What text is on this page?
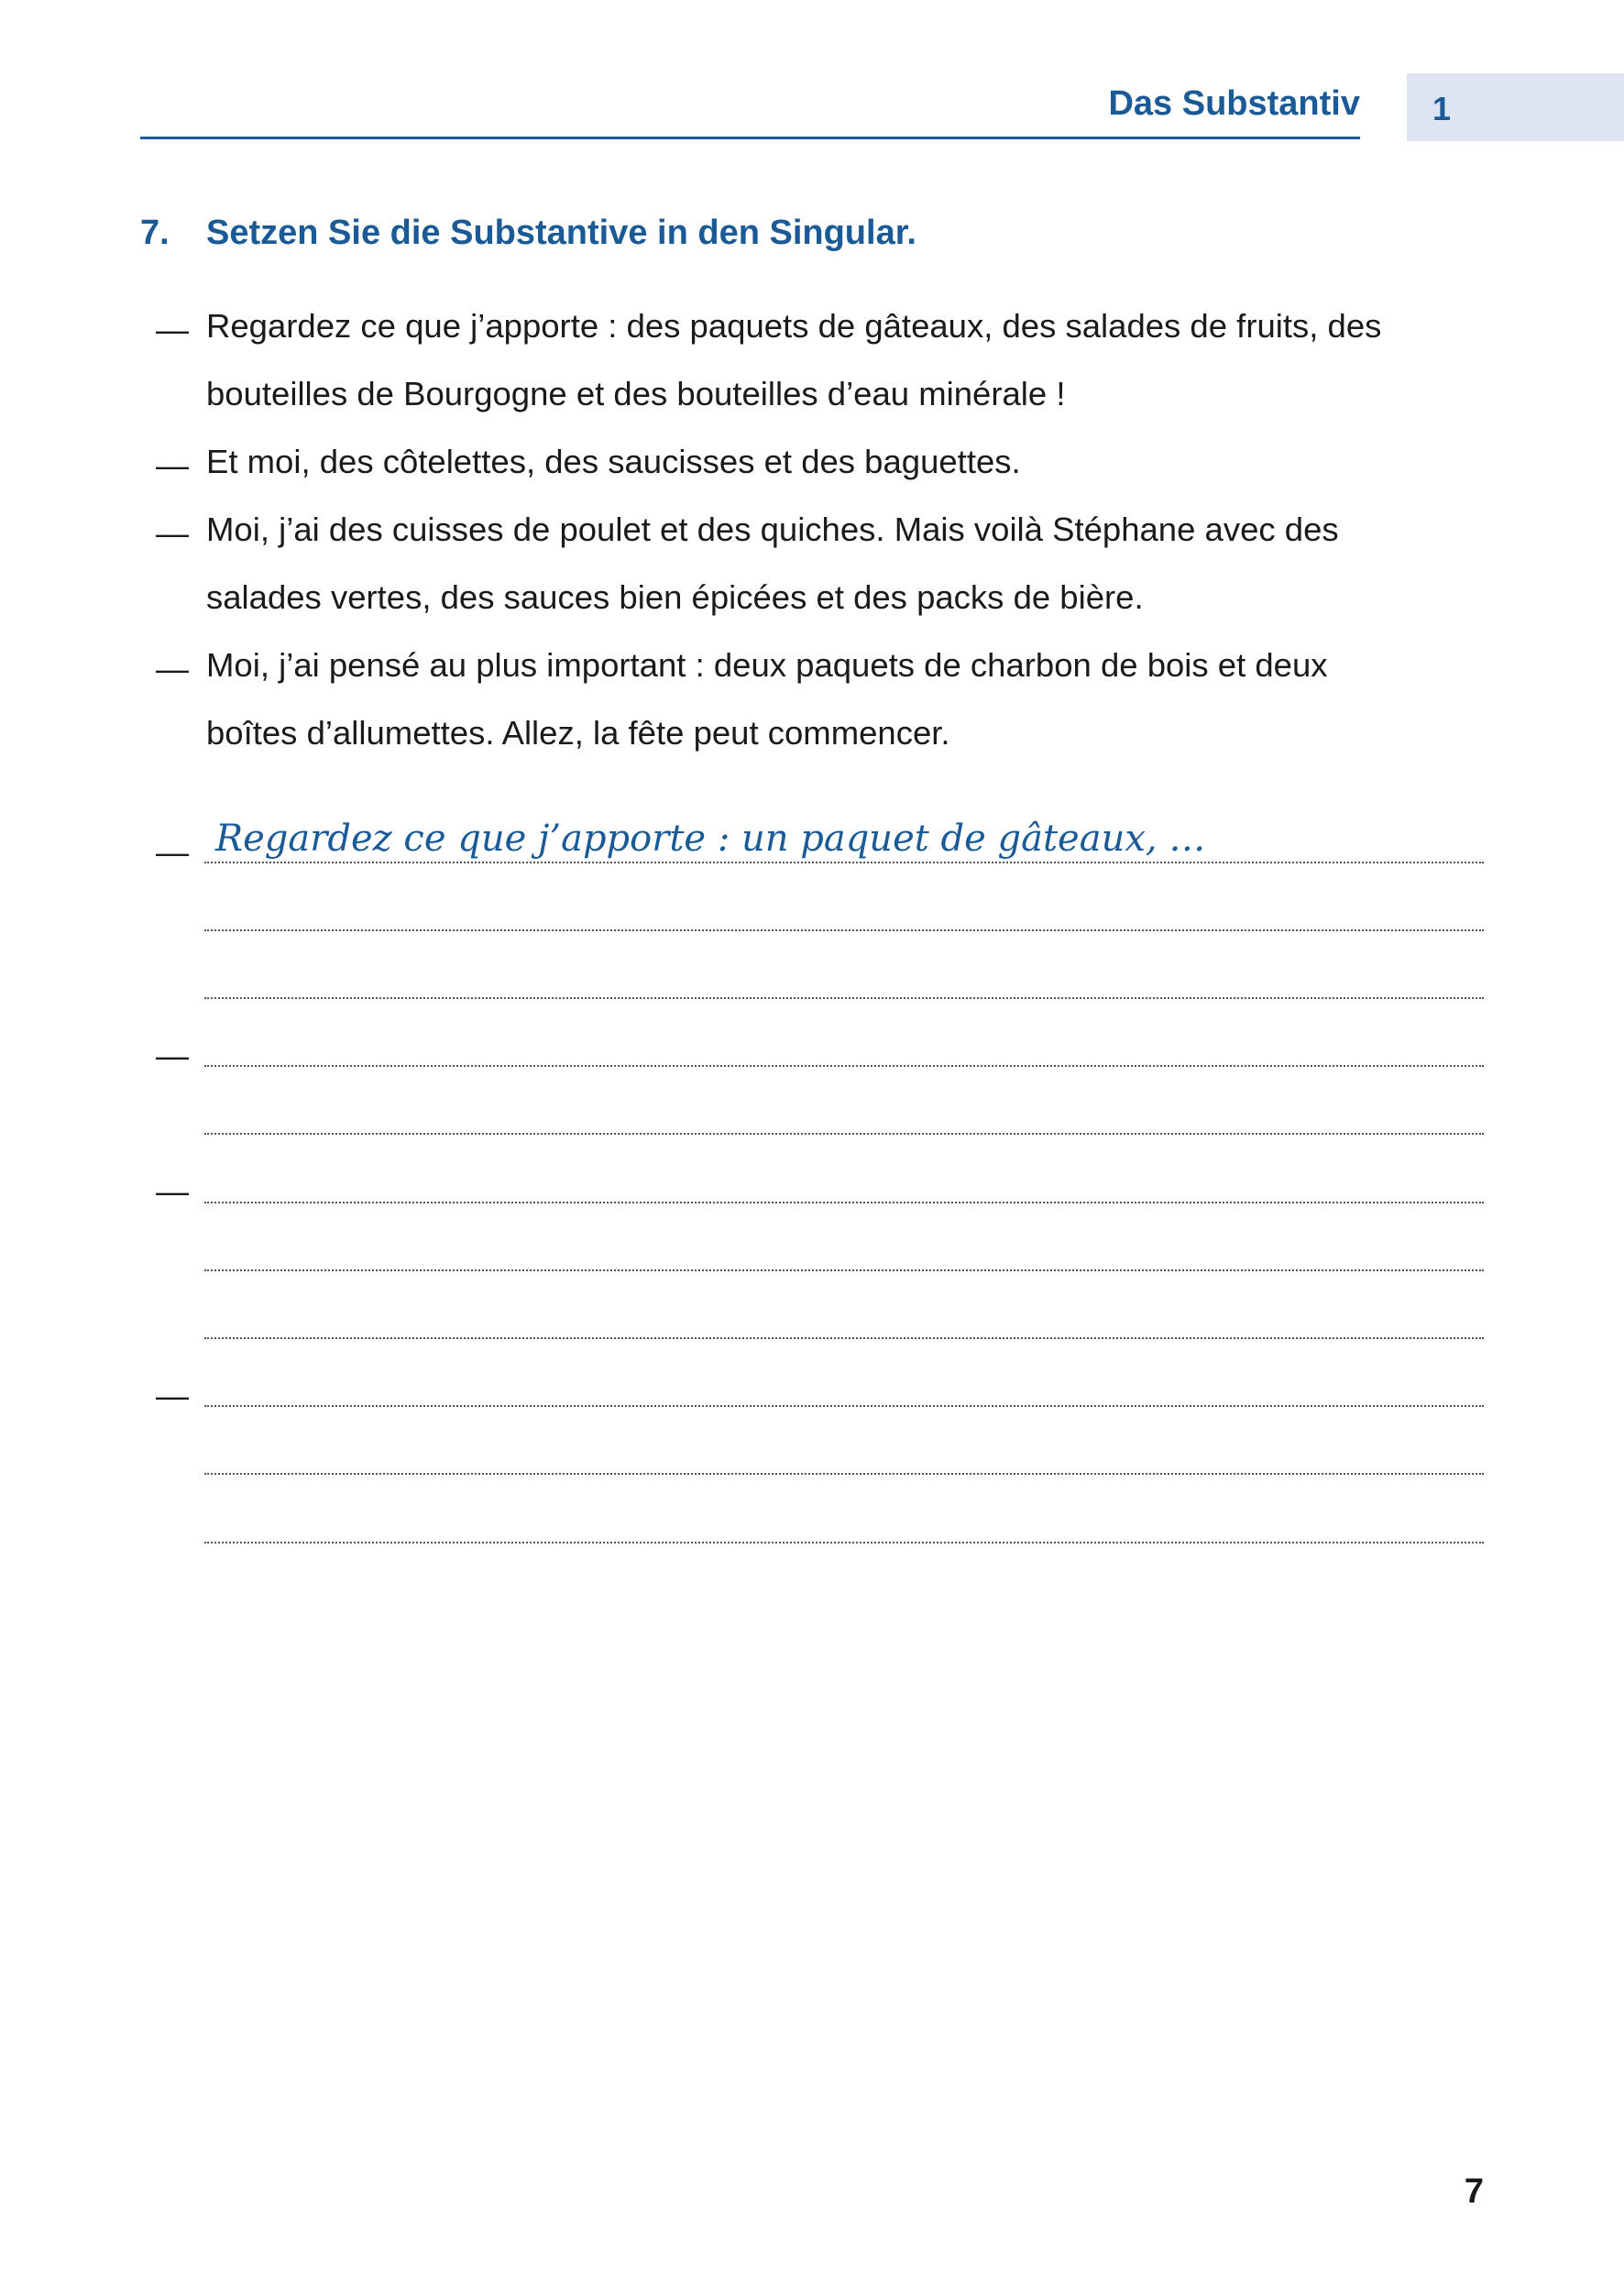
Das Substantiv 1
7. Setzen Sie die Substantive in den Singular.
— Regardez ce que j’apporte : des paquets de gâteaux, des salades de fruits, des
bouteilles de Bourgogne et des bouteilles d’eau minérale !
— Et moi, des côtelettes, des saucisses et des baguettes.
— Moi, j’ai des cuisses de poulet et des quiches. Mais voilà Stéphane avec des
salades vertes, des sauces bien épicées et des packs de bière.
— Moi, j’ai pensé au plus important : deux paquets de charbon de bois et deux
boîtes d’allumettes. Allez, la fête peut commencer.
— Regardez ce que j’apporte : un paquet de gâteaux, …
—
—
—
7
